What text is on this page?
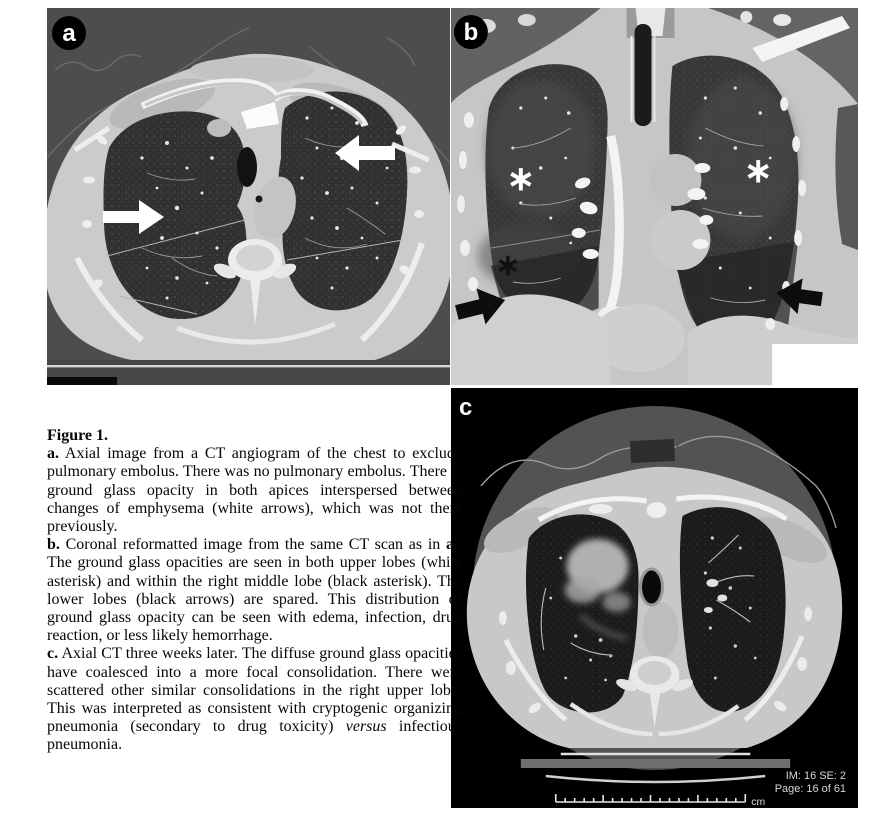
a
∗	∗
∗
b
cm
IM: 16 SE: 2
Page: 16 of 61
c

Figure 1.

a. Axial image from a CT angiogram of the chest to exclude pulmonary embolus. There was no pulmonary embolus. There is ground glass opacity in both apices interspersed between changes of emphysema (white arrows), which was not there previously.

b. Coronal reformatted image from the same CT scan as in a.. The ground glass opacities are seen in both upper lobes (white asterisk) and within the right middle lobe (black asterisk). The lower lobes (black arrows) are spared. This distribution of ground glass opacity can be seen with edema, infection, drug reaction, or less likely hemorrhage.

c. Axial CT three weeks later. The diffuse ground glass opacities have coalesced into a more focal consolidation. There were scattered other similar consolidations in the right upper lobe. This was interpreted as consistent with cryptogenic organizing pneumonia (secondary to drug toxicity) versus infectious pneumonia.
